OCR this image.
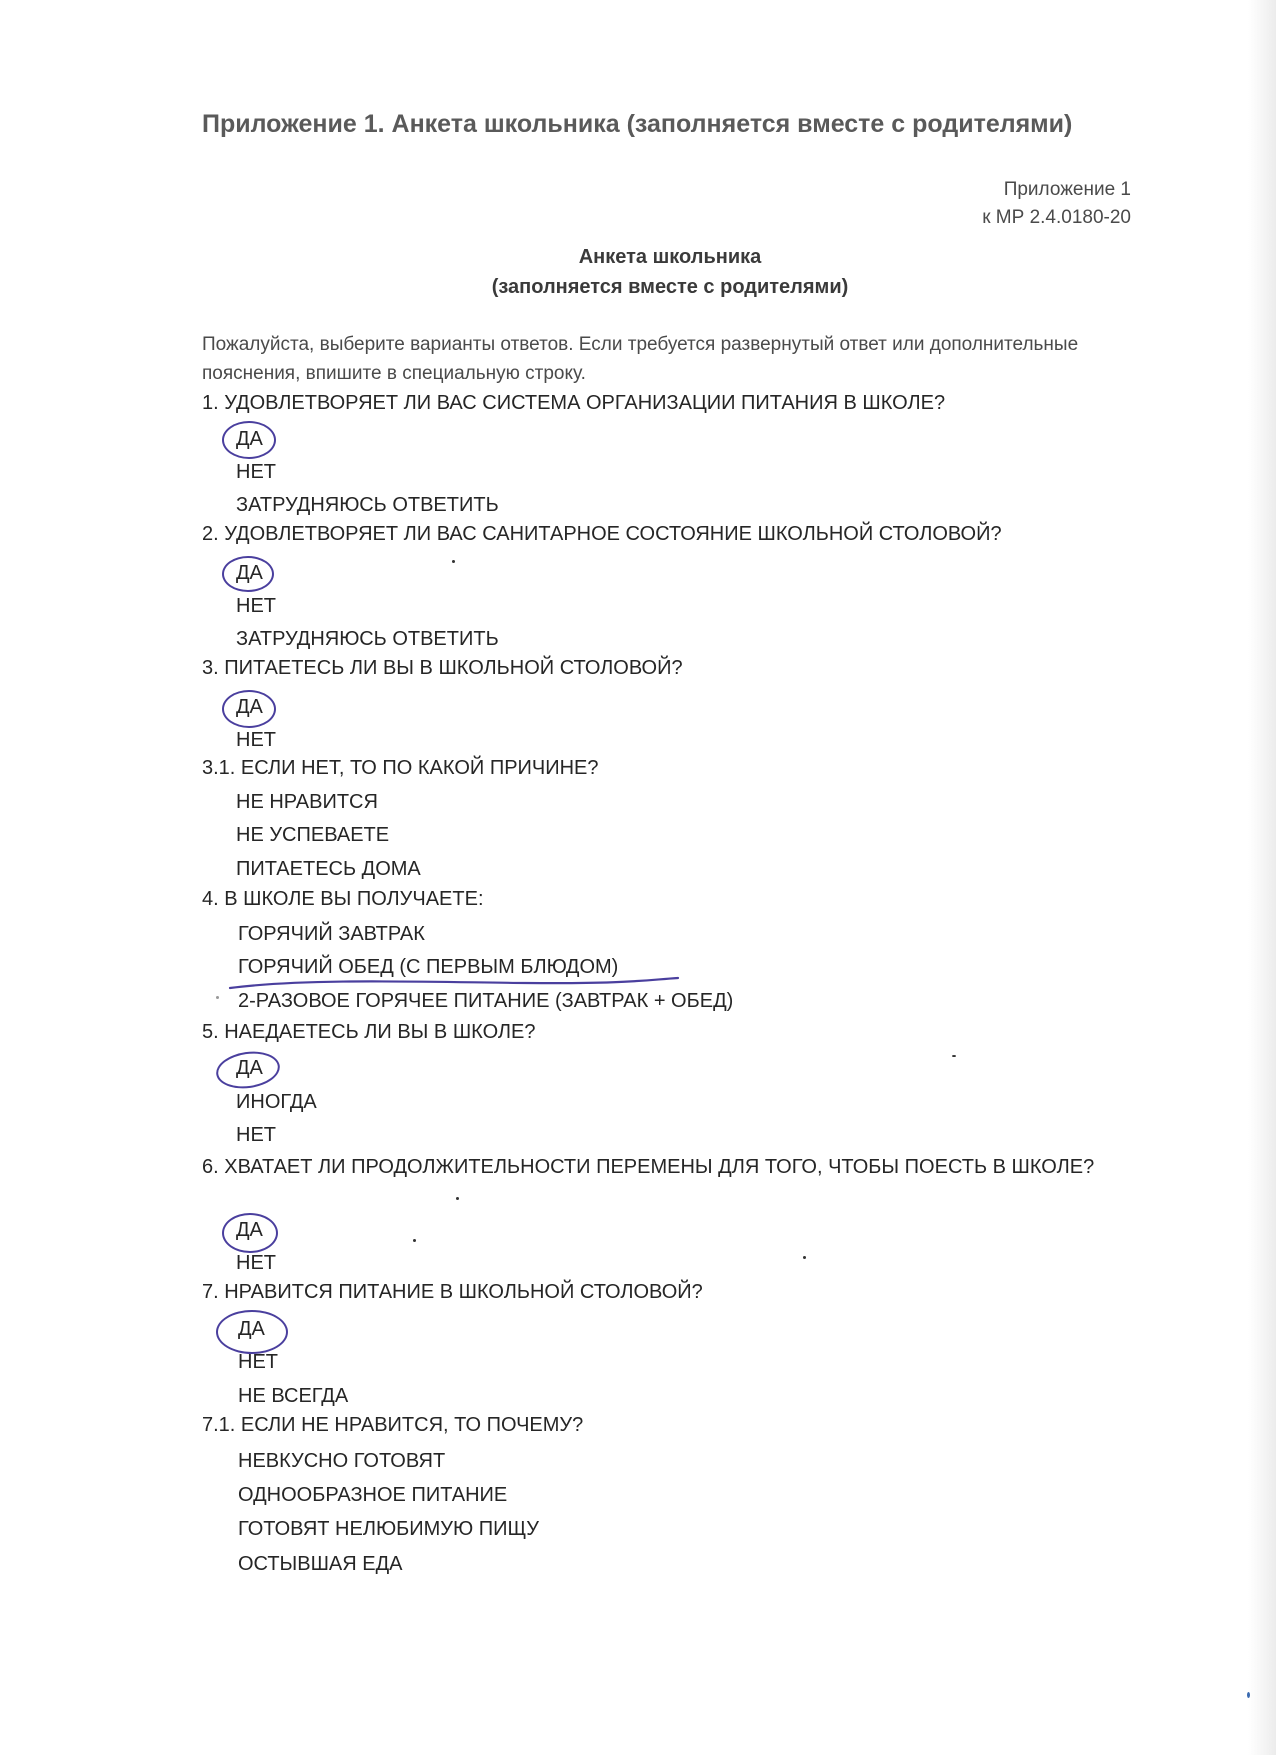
Приложение 1. Анкета школьника (заполняется вместе с родителями)
Приложение 1
к МР 2.4.0180-20
Анкета школьника
(заполняется вместе с родителями)
Пожалуйста, выберите варианты ответов. Если требуется развернутый ответ или дополнительные пояснения, впишите в специальную строку.
1. УДОВЛЕТВОРЯЕТ ЛИ ВАС СИСТЕМА ОРГАНИЗАЦИИ ПИТАНИЯ В ШКОЛЕ?
ДА
НЕТ
ЗАТРУДНЯЮСЬ ОТВЕТИТЬ
2. УДОВЛЕТВОРЯЕТ ЛИ ВАС САНИТАРНОЕ СОСТОЯНИЕ ШКОЛЬНОЙ СТОЛОВОЙ?
ДА
НЕТ
ЗАТРУДНЯЮСЬ ОТВЕТИТЬ
3. ПИТАЕТЕСЬ ЛИ ВЫ В ШКОЛЬНОЙ СТОЛОВОЙ?
ДА
НЕТ
3.1. ЕСЛИ НЕТ, ТО ПО КАКОЙ ПРИЧИНЕ?
НЕ НРАВИТСЯ
НЕ УСПЕВАЕТЕ
ПИТАЕТЕСЬ ДОМА
4. В ШКОЛЕ ВЫ ПОЛУЧАЕТЕ:
ГОРЯЧИЙ ЗАВТРАК
ГОРЯЧИЙ ОБЕД (С ПЕРВЫМ БЛЮДОМ)
2-РАЗОВОЕ ГОРЯЧЕЕ ПИТАНИЕ (ЗАВТРАК + ОБЕД)
5. НАЕДАЕТЕСЬ ЛИ ВЫ В ШКОЛЕ?
ДА
ИНОГДА
НЕТ
6. ХВАТАЕТ ЛИ ПРОДОЛЖИТЕЛЬНОСТИ ПЕРЕМЕНЫ ДЛЯ ТОГО, ЧТОБЫ ПОЕСТЬ В ШКОЛЕ?
ДА
НЕТ
7. НРАВИТСЯ ПИТАНИЕ В ШКОЛЬНОЙ СТОЛОВОЙ?
ДА
НЕТ
НЕ ВСЕГДА
7.1. ЕСЛИ НЕ НРАВИТСЯ, ТО ПОЧЕМУ?
НЕВКУСНО ГОТОВЯТ
ОДНООБРАЗНОЕ ПИТАНИЕ
ГОТОВЯТ НЕЛЮБИМУЮ ПИЩУ
ОСТЫВШАЯ ЕДА
